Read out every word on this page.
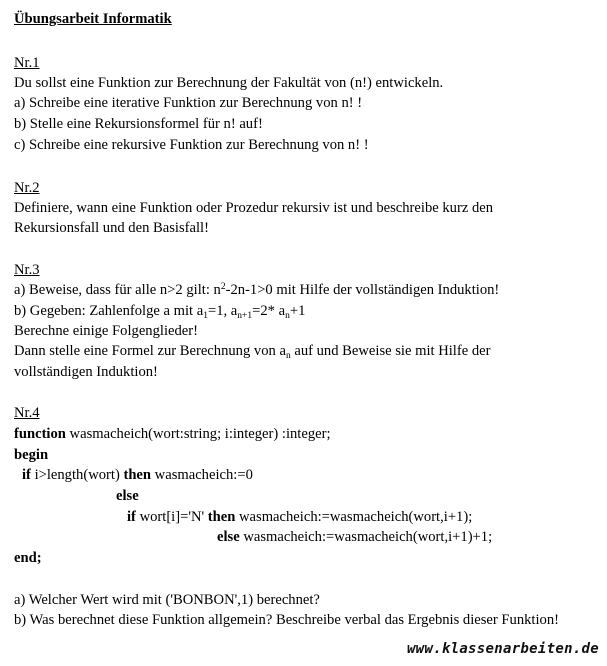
Übungsarbeit Informatik
Nr.1
Du sollst eine Funktion zur Berechnung der Fakultät von (n!) entwickeln.
a) Schreibe eine iterative Funktion zur Berechnung von n! !
b) Stelle eine Rekursionsformel für n! auf!
c) Schreibe eine rekursive Funktion zur Berechnung von n! !
Nr.2
Definiere, wann eine Funktion oder Prozedur rekursiv ist und beschreibe kurz den
Rekursionsfall und den Basisfall!
Nr.3
a) Beweise, dass für alle n>2 gilt: $n^2-2n-1>0$ mit Hilfe der vollständigen Induktion!
b) Gegeben: Zahlenfolge a mit $a_1=1$, $a_{n+1}=2*$ $a_n+1$
Berechne einige Folgenglieder!
Dann stelle eine Formel zur Berechnung von $a_n$ auf und Beweise sie mit Hilfe der
vollständigen Induktion!
Nr.4
function wasmacheich(wort:string; i:integer) :integer;
begin
if i>length(wort) then wasmacheich:=0
else
if wort[i]='N' then wasmacheich:=wasmacheich(wort,i+1);
else wasmacheich:=wasmacheich(wort,i+1)+1;
end;
a) Welcher Wert wird mit ('BONBON',1) berechnet?
b) Was berechnet diese Funktion allgemein? Beschreibe verbal das Ergebnis dieser Funktion!
www.klassenarbeiten.de
